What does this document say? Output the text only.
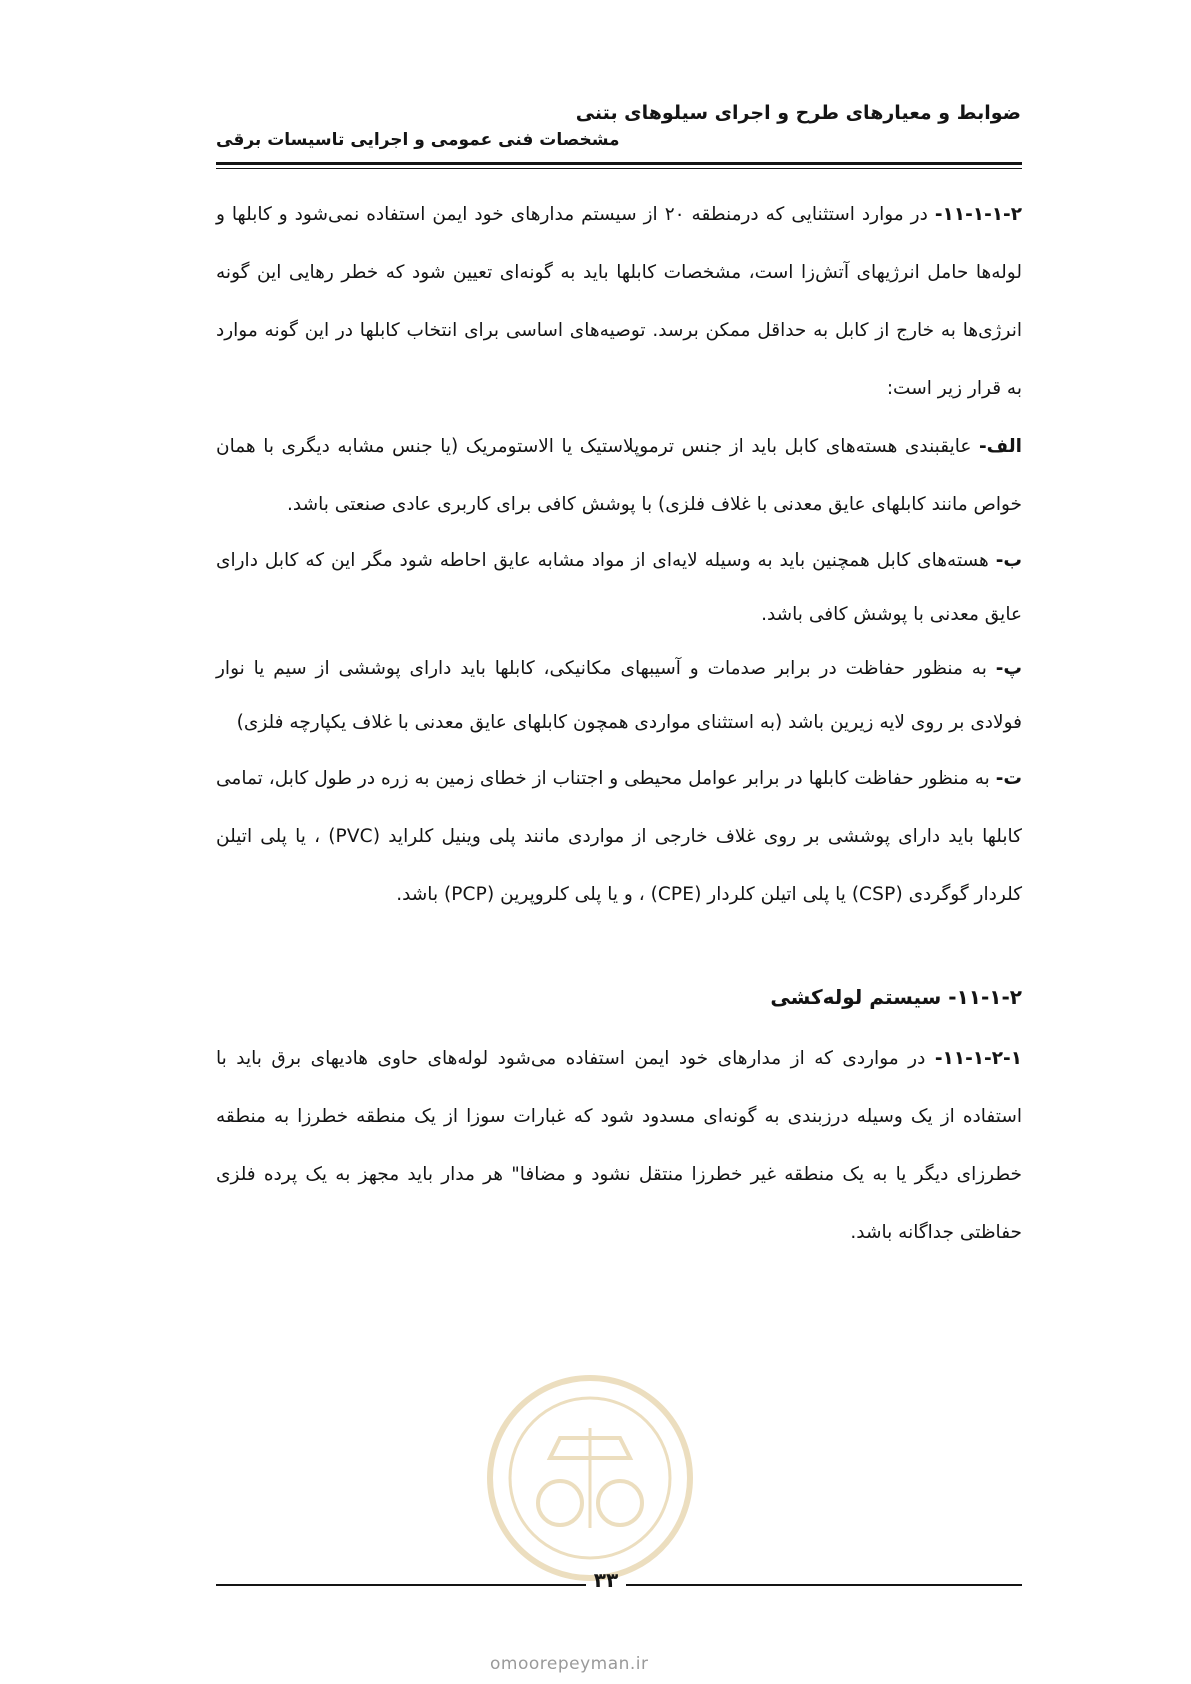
ضوابط و معیارهای طرح و اجرای سیلوهای بتنی
مشخصات فنی عمومی و اجرایی تاسیسات برقی

۱۱-۱-۱-۲- در موارد استثنایی که درمنطقه ۲۰ از سیستم مدارهای خود ایمن استفاده نمی‌شود و کابلها و لوله‌ها حامل انرژیهای آتش‌زا است، مشخصات کابلها باید به گونه‌ای تعیین شود که خطر رهایی این گونه انرژی‌ها به خارج از کابل به حداقل ممکن برسد. توصیه‌های اساسی برای انتخاب کابلها در این گونه موارد به قرار زیر است:

الف- عایقبندی هسته‌های کابل باید از جنس ترموپلاستیک یا الاستومریک (یا جنس مشابه دیگری با همان خواص مانند کابلهای عایق معدنی با غلاف فلزی) با پوشش کافی برای کاربری عادی صنعتی باشد.

ب- هسته‌های کابل همچنین باید به وسیله لایه‌ای از مواد مشابه عایق احاطه شود مگر این که کابل دارای عایق معدنی با پوشش کافی باشد.

پ- به منظور حفاظت در برابر صدمات و آسیبهای مکانیکی، کابلها باید دارای پوششی از سیم یا نوار فولادی بر روی لایه زیرین باشد (به استثنای مواردی همچون کابلهای عایق معدنی با غلاف یکپارچه فلزی)

ت- به منظور حفاظت کابلها در برابر عوامل محیطی و اجتناب از خطای زمین به زره در طول کابل، تمامی کابلها باید دارای پوششی بر روی غلاف خارجی از مواردی مانند پلی وینیل کلراید (PVC) ، یا پلی اتیلن کلردار گوگردی (CSP) یا پلی اتیلن کلردار (CPE) ، و یا پلی کلروپرین (PCP) باشد.

۱۱-۱-۲- سیستم لوله‌کشی

۱۱-۱-۲-۱- در مواردی که از مدارهای خود ایمن استفاده می‌شود لوله‌های حاوی هادیهای برق باید با استفاده از یک وسیله درزبندی به گونه‌ای مسدود شود که غبارات سوزا از یک منطقه خطرزا به منطقه خطرزای دیگر یا به یک منطقه غیر خطرزا منتقل نشود و مضافا" هر مدار باید مجهز به یک پرده فلزی حفاظتی جداگانه باشد.

۳۳
omoorepeyman.ir
